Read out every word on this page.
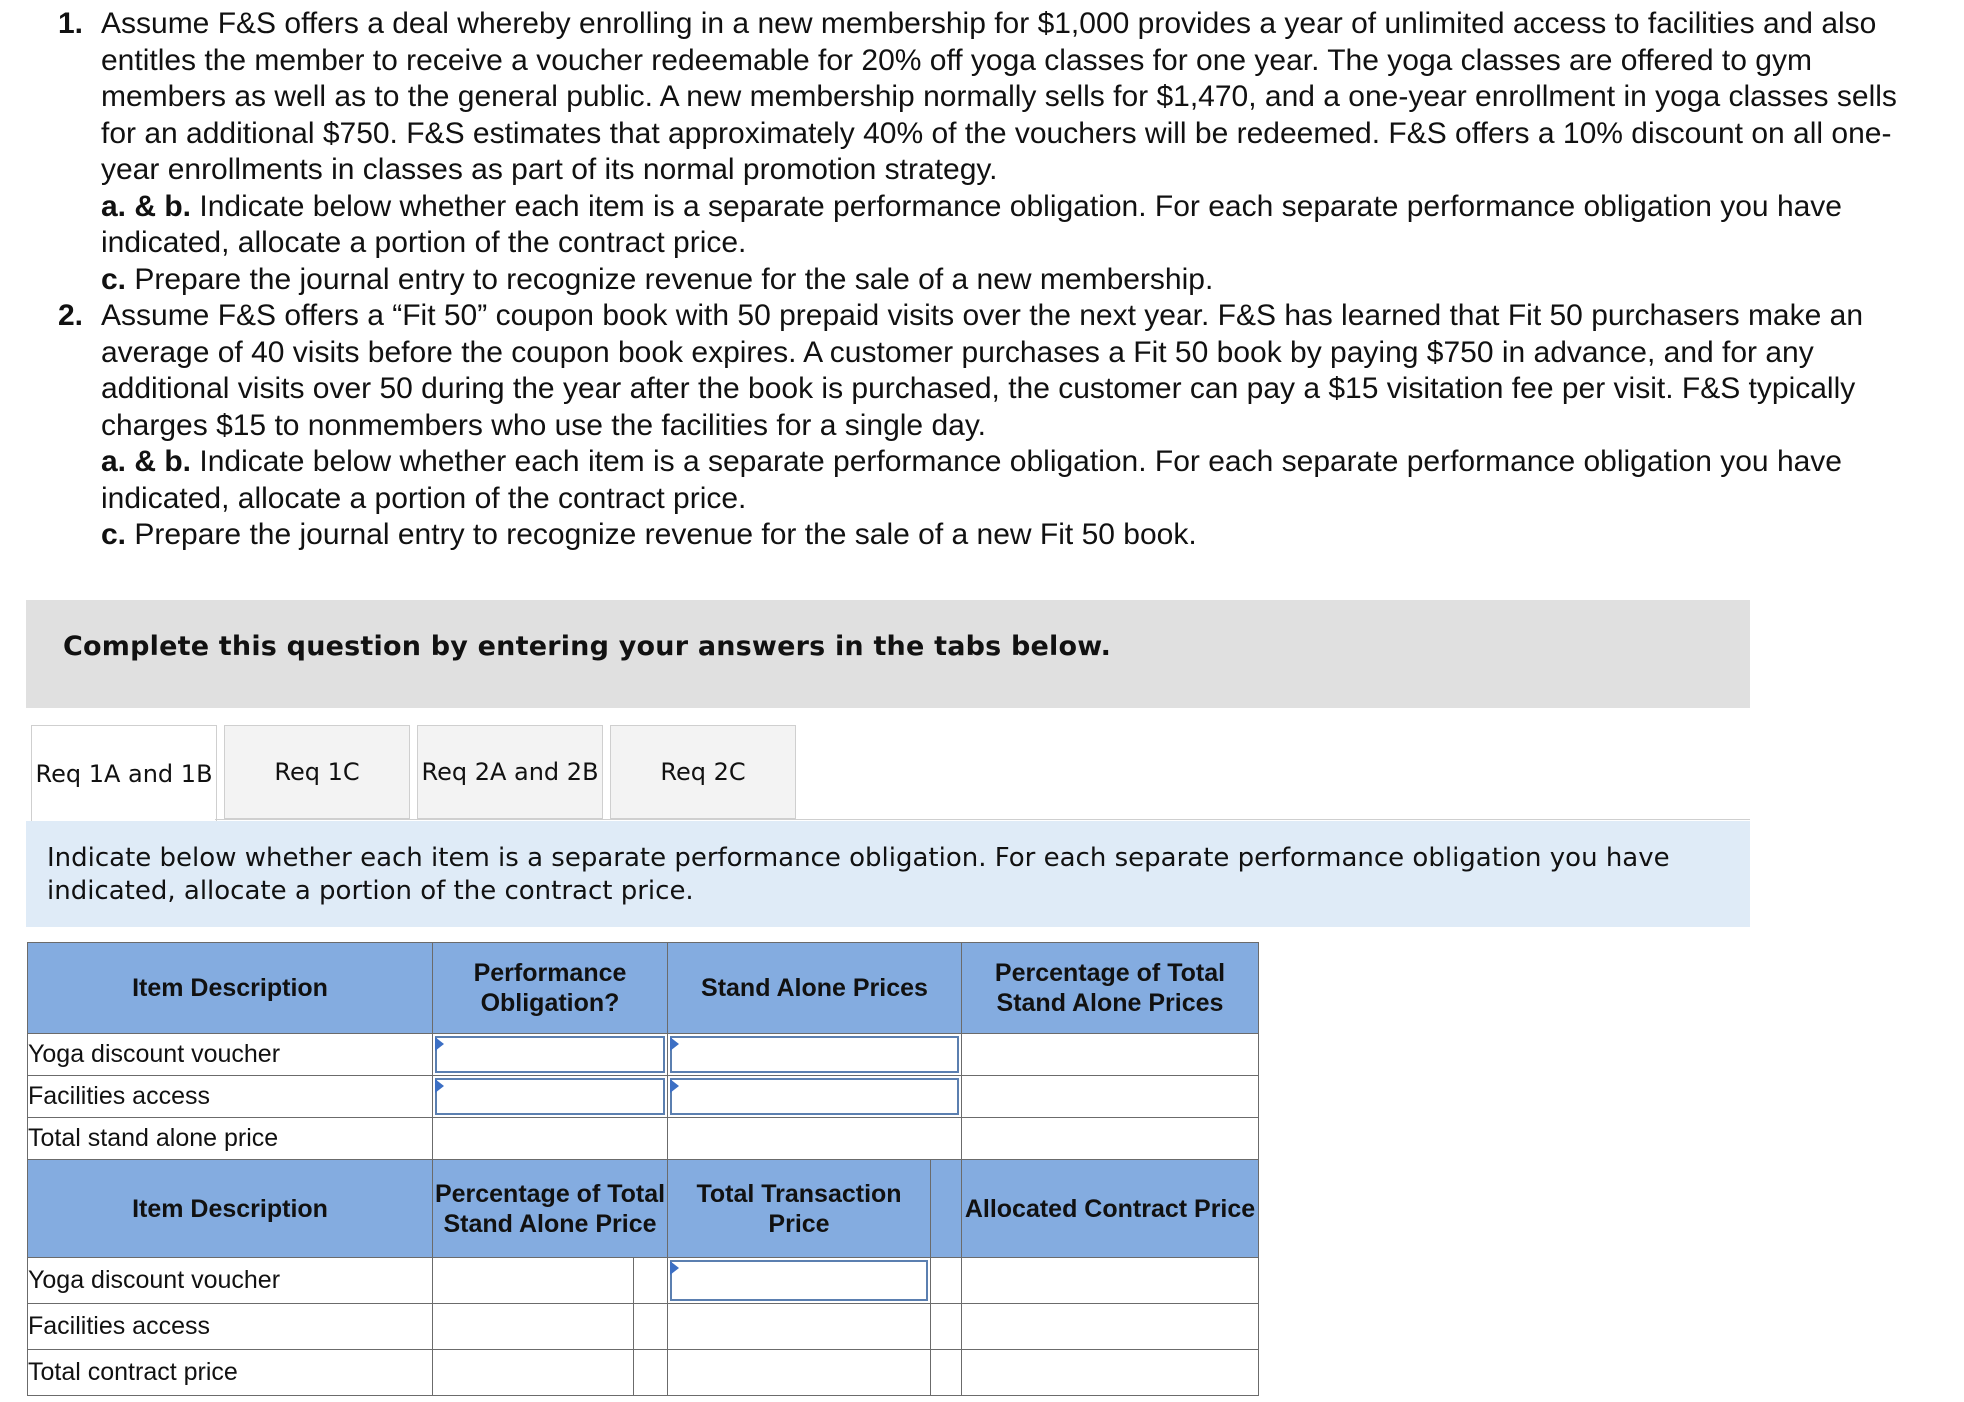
1. Assume F&S offers a deal whereby enrolling in a new membership for $1,000 provides a year of unlimited access to facilities and also entitles the member to receive a voucher redeemable for 20% off yoga classes for one year. The yoga classes are offered to gym members as well as to the general public. A new membership normally sells for $1,470, and a one-year enrollment in yoga classes sells for an additional $750. F&S estimates that approximately 40% of the vouchers will be redeemed. F&S offers a 10% discount on all one-year enrollments in classes as part of its normal promotion strategy.
a. & b. Indicate below whether each item is a separate performance obligation. For each separate performance obligation you have indicated, allocate a portion of the contract price.
c. Prepare the journal entry to recognize revenue for the sale of a new membership.
2. Assume F&S offers a “Fit 50” coupon book with 50 prepaid visits over the next year. F&S has learned that Fit 50 purchasers make an average of 40 visits before the coupon book expires. A customer purchases a Fit 50 book by paying $750 in advance, and for any additional visits over 50 during the year after the book is purchased, the customer can pay a $15 visitation fee per visit. F&S typically charges $15 to nonmembers who use the facilities for a single day.
a. & b. Indicate below whether each item is a separate performance obligation. For each separate performance obligation you have indicated, allocate a portion of the contract price.
c. Prepare the journal entry to recognize revenue for the sale of a new Fit 50 book.
Complete this question by entering your answers in the tabs below.
Req 1A and 1B	Req 1C	Req 2A and 2B	Req 2C
Indicate below whether each item is a separate performance obligation. For each separate performance obligation you have indicated, allocate a portion of the contract price.
Item Description	Performance Obligation?	Stand Alone Prices	Percentage of Total Stand Alone Prices
Yoga discount voucher	

Facilities access	

Total stand alone price			
Item Description	Percentage of Total Stand Alone Price		Total Transaction Price		Allocated Contract Price
Yoga discount voucher			

Facilities access					
Total contract price					
